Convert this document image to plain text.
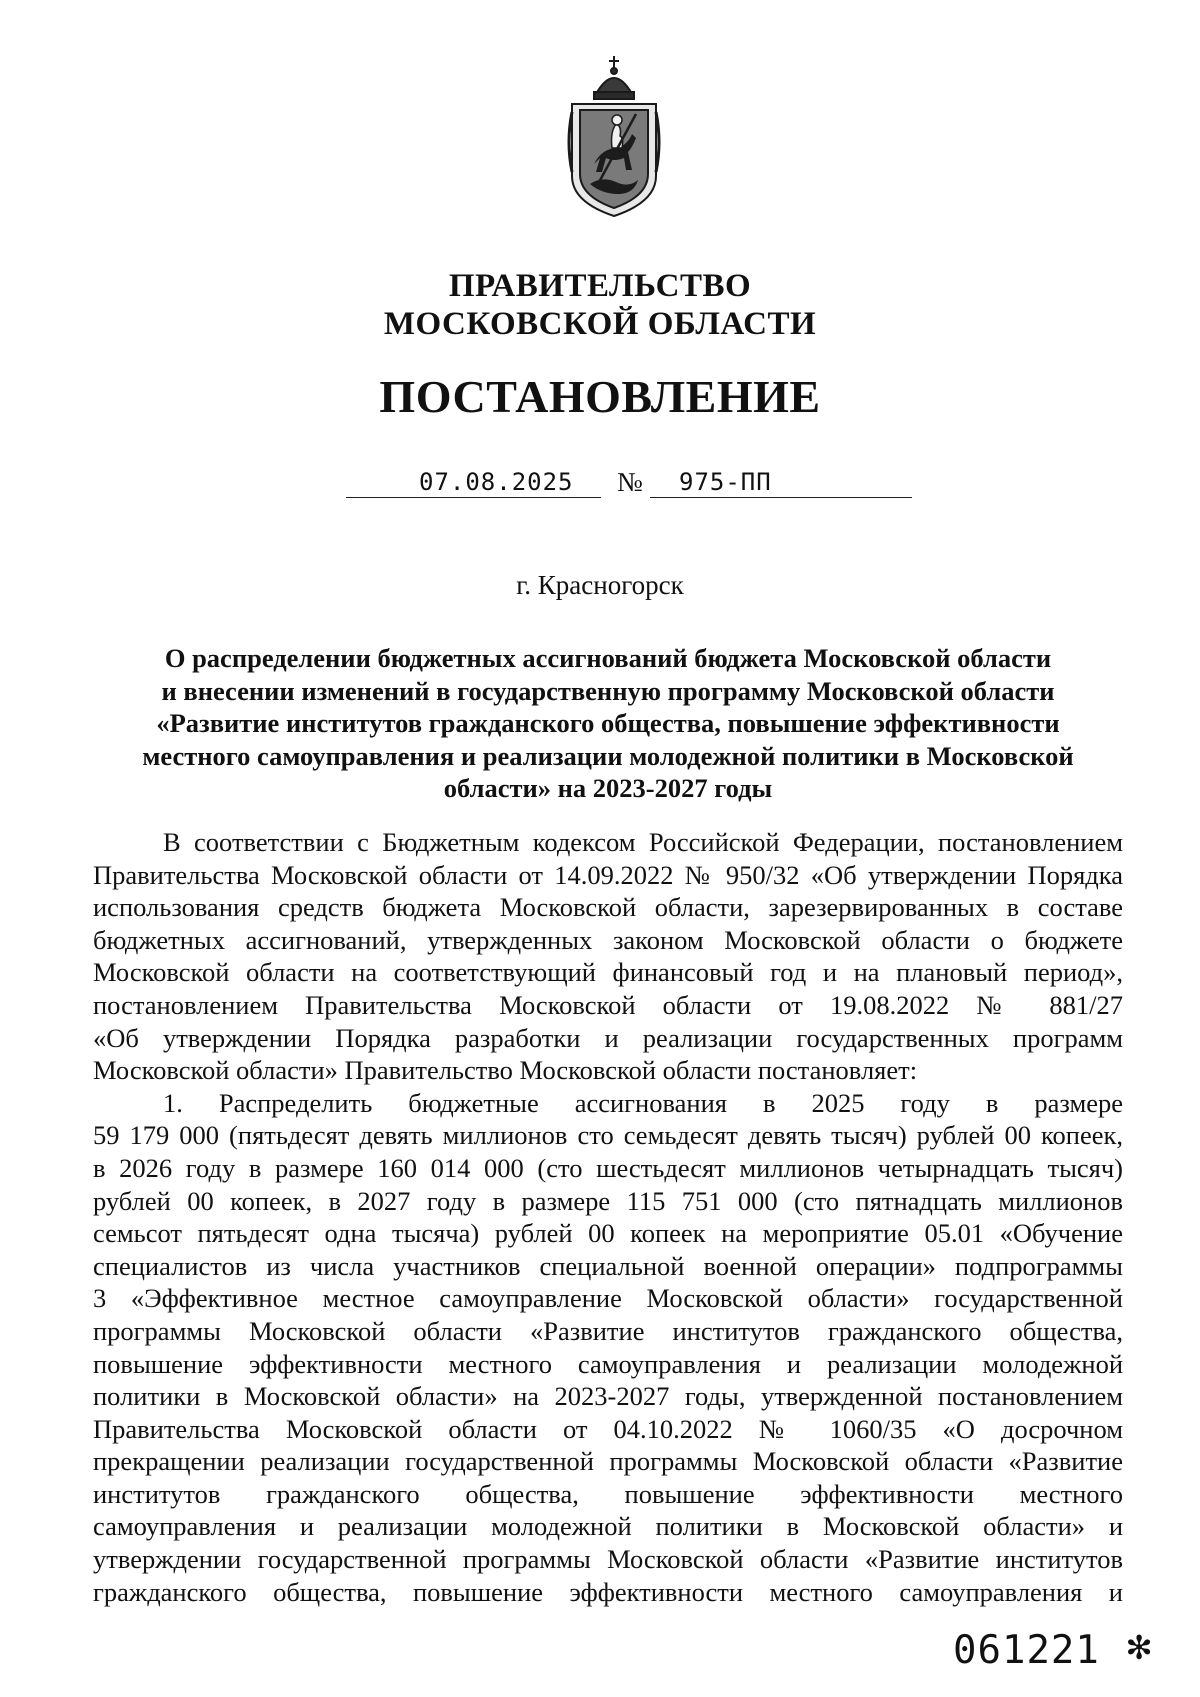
ПРАВИТЕЛЬСТВО
МОСКОВСКОЙ ОБЛАСТИ
ПОСТАНОВЛЕНИЕ
07.08.2025 № 975-ПП
г. Красногорск
О распределении бюджетных ассигнований бюджета Московской области
и внесении изменений в государственную программу Московской области
«Развитие институтов гражданского общества, повышение эффективности
местного самоуправления и реализации молодежной политики в Московской
области» на 2023-2027 годы
В соответствии с Бюджетным кодексом Российской Федерации, постановлением
Правительства Московской области от 14.09.2022 № 950/32 «Об утверждении Порядка
использования средств бюджета Московской области, зарезервированных в составе
бюджетных ассигнований, утвержденных законом Московской области о бюджете
Московской области на соответствующий финансовый год и на плановый период»,
постановлением Правительства Московской области от 19.08.2022 № 881/27
«Об утверждении Порядка разработки и реализации государственных программ
Московской области» Правительство Московской области постановляет:
1. Распределить бюджетные ассигнования в 2025 году в размере
59 179 000 (пятьдесят девять миллионов сто семьдесят девять тысяч) рублей 00 копеек,
в 2026 году в размере 160 014 000 (сто шестьдесят миллионов четырнадцать тысяч)
рублей 00 копеек, в 2027 году в размере 115 751 000 (сто пятнадцать миллионов
семьсот пятьдесят одна тысяча) рублей 00 копеек на мероприятие 05.01 «Обучение
специалистов из числа участников специальной военной операции» подпрограммы
3 «Эффективное местное самоуправление Московской области» государственной
программы Московской области «Развитие институтов гражданского общества,
повышение эффективности местного самоуправления и реализации молодежной
политики в Московской области» на 2023-2027 годы, утвержденной постановлением
Правительства Московской области от 04.10.2022 № 1060/35 «О досрочном
прекращении реализации государственной программы Московской области «Развитие
институтов гражданского общества, повышение эффективности местного
самоуправления и реализации молодежной политики в Московской области» и
утверждении государственной программы Московской области «Развитие институтов
гражданского общества, повышение эффективности местного самоуправления и
061221 ✻
